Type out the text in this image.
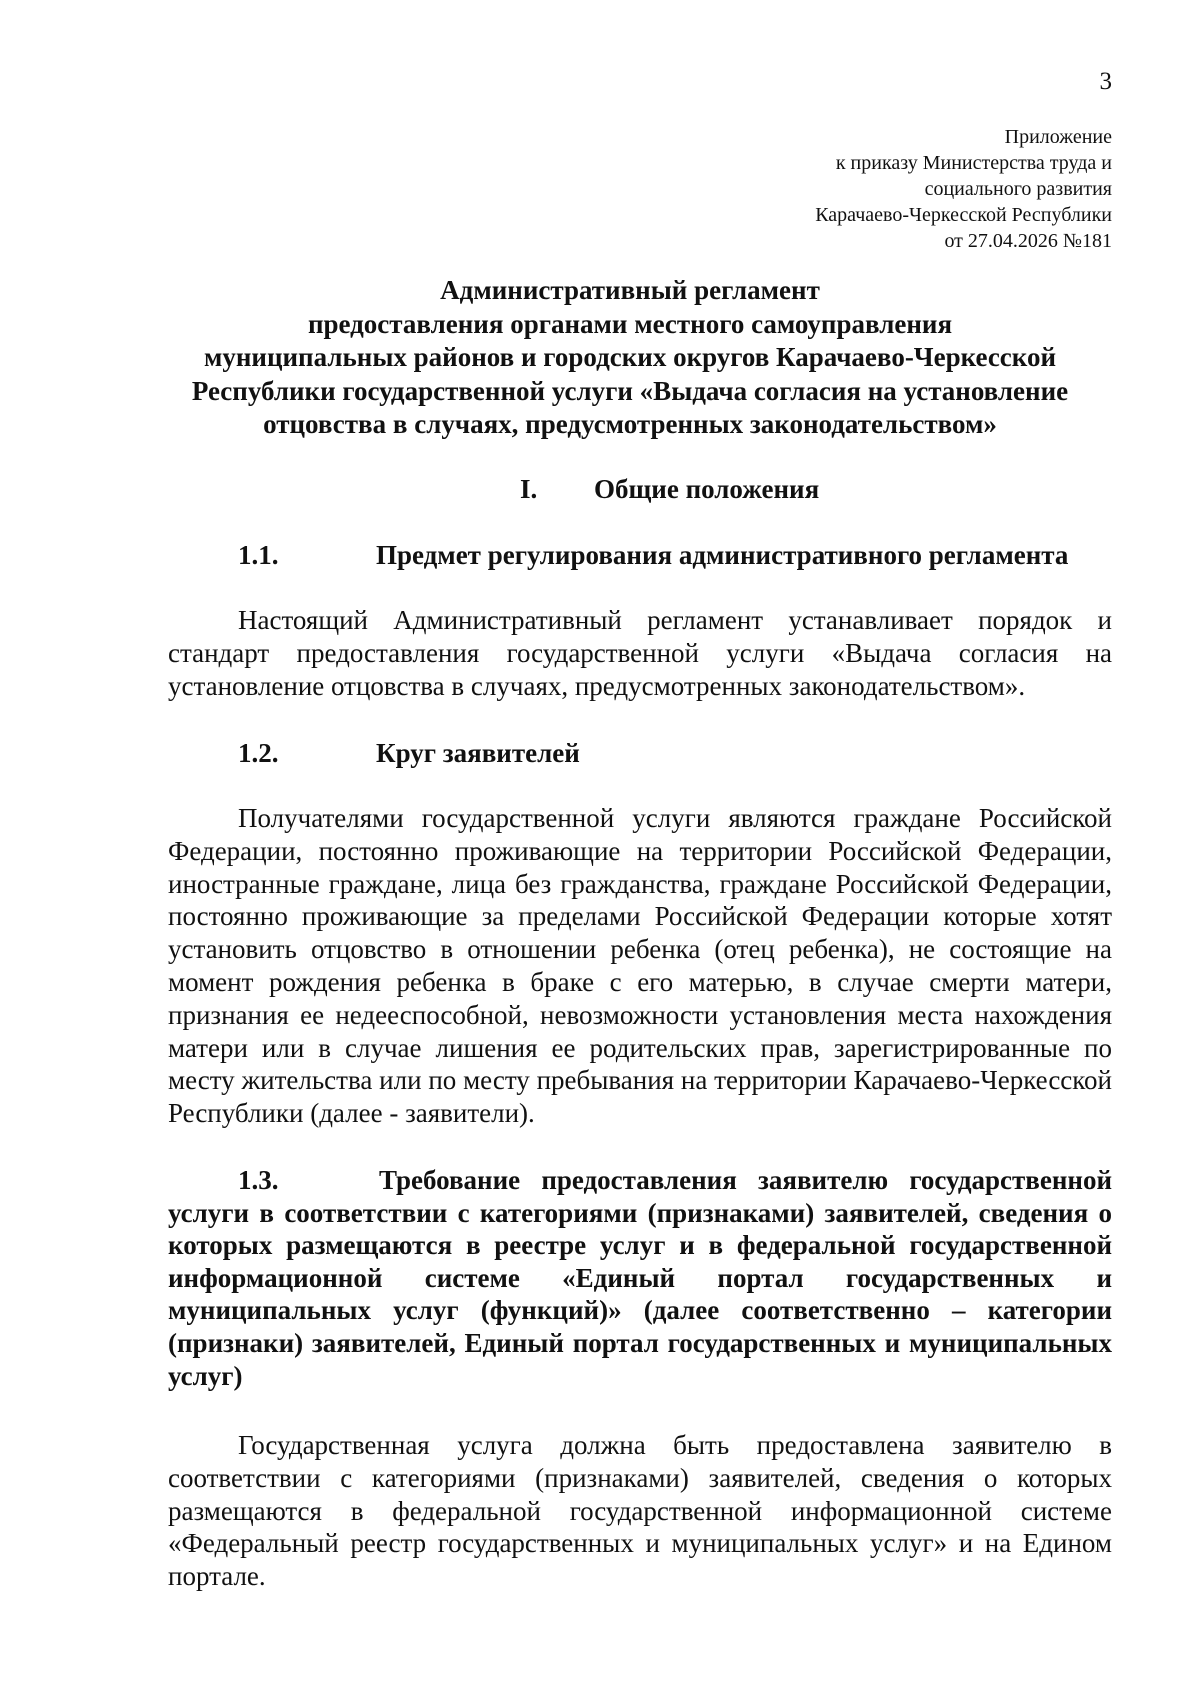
3
Приложение
к приказу Министерства труда и
социального развития
Карачаево-Черкесской Республики
от 27.04.2026 №181
Административный регламент
предоставления органами местного самоуправления
муниципальных районов и городских округов Карачаево-Черкесской
Республики государственной услуги «Выдача согласия на установление
отцовства в случаях, предусмотренных законодательством»
I. Общие положения
1.1.	Предмет регулирования административного регламента
Настоящий Административный регламент устанавливает порядок и стандарт предоставления государственной услуги «Выдача согласия на установление отцовства в случаях, предусмотренных законодательством».
1.2.	Круг заявителей
Получателями государственной услуги являются граждане Российской Федерации, постоянно проживающие на территории Российской Федерации, иностранные граждане, лица без гражданства, граждане Российской Федерации, постоянно проживающие за пределами Российской Федерации которые хотят установить отцовство в отношении ребенка (отец ребенка), не состоящие на момент рождения ребенка в браке с его матерью, в случае смерти матери, признания ее недееспособной, невозможности установления места нахождения матери или в случае лишения ее родительских прав, зарегистрированные по месту жительства или по месту пребывания на территории Карачаево-Черкесской Республики (далее - заявители).
1.3.	Требование предоставления заявителю государственной услуги в соответствии с категориями (признаками) заявителей, сведения о которых размещаются в реестре услуг и в федеральной государственной информационной системе «Единый портал государственных и муниципальных услуг (функций)» (далее соответственно – категории (признаки) заявителей, Единый портал государственных и муниципальных услуг)
Государственная услуга должна быть предоставлена заявителю в соответствии с категориями (признаками) заявителей, сведения о которых размещаются в федеральной государственной информационной системе «Федеральный реестр государственных и муниципальных услуг» и на Едином портале.
